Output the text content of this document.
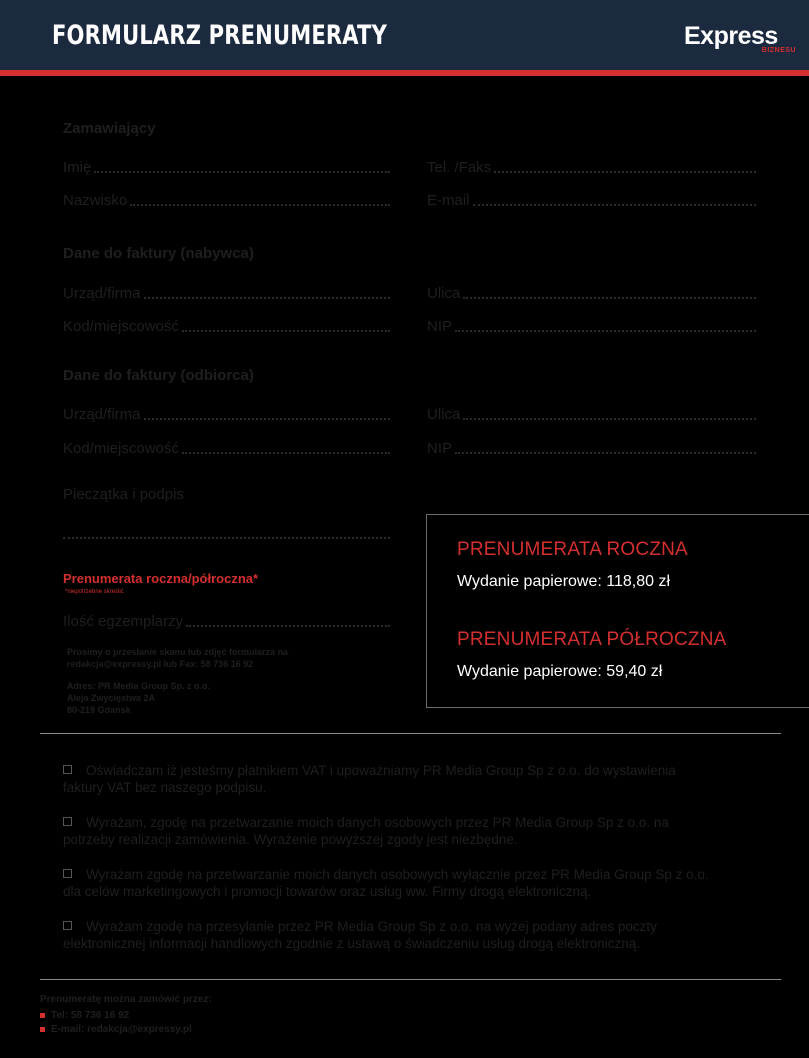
FORMULARZ PRENUMERATY	Express
BIZNESU
Zamawiający
Imię	Tel. /Faks
Nazwisko	E-mail
Dane do faktury (nabywca)
Urząd/firma	Ulica
Kod/miejscowość	NIP
Dane do faktury (odbiorca)
Urząd/firma	Ulica
Kod/miejscowość	NIP
Pieczątka i podpis
Prenumerata roczna/półroczna*
*niepotrzebne skreślić
Ilość egzemplarzy
Prosimy o przesłanie skanu lub zdjęć formularza na
redakcja@expressy.pl lub Fax: 58 736 16 92
Adres: PR Media Group Sp. z o.o.
Aleja Zwycięstwa 2A
80-219 Gdańsk
PRENUMERATA ROCZNA
Wydanie papierowe: 118,80 zł
PRENUMERATA PÓŁROCZNA
Wydanie papierowe: 59,40 zł
Oświadczam iż jesteśmy płatnikiem VAT i upoważniamy PR Media Group Sp z o.o. do wystawienia
faktury VAT bez naszego podpisu.
Wyrażam, zgodę na przetwarzanie moich danych osobowych przez PR Media Group Sp z o.o. na
potrzeby realizacji zamówienia. Wyrażenie powyższej zgody jest niezbędne.
Wyrażam zgodę na przetwarzanie moich danych osobowych wyłącznie przez PR Media Group Sp z o.o.
dla celów marketingowych i promocji towarów oraz usług ww. Firmy drogą elektroniczną.
Wyrażam zgodę na przesyłanie przez PR Media Group Sp z o.o. na wyżej podany adres poczty
elektronicznej informacji handlowych zgodnie z ustawą o świadczeniu usług drogą elektroniczną.
Prenumeratę można zamówić przez:
Tel: 58 736 16 92
E-mail: redakcja@expressy.pl
